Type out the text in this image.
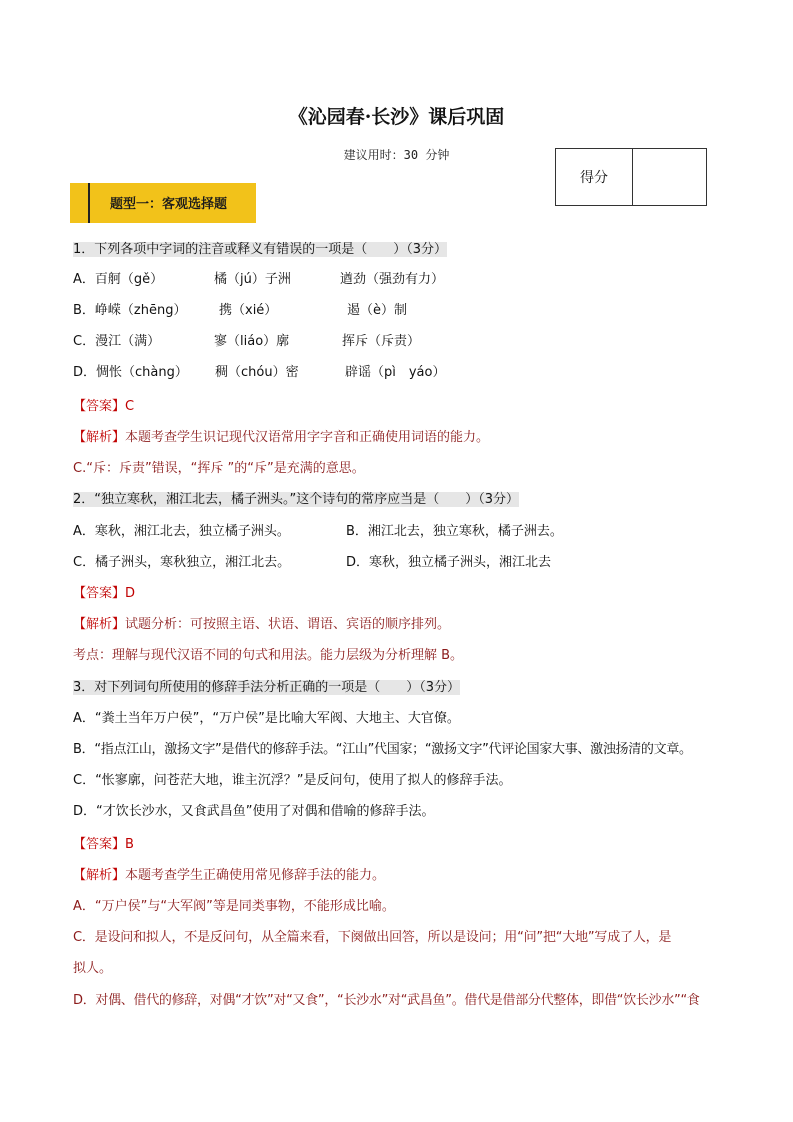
《沁园春·长沙》课后巩固
建议用时：30 分钟
得分
题型一：客观选择题
1．下列各项中字词的注音或释义有错误的一项是（　　）（3分）
A．百舸（gě）	橘（jú）子洲	遒劲（强劲有力）
B．峥嵘（zhēng）	携（xié）	遏（è）制
C．漫江（满）	寥（liáo）廓	挥斥（斥责）
D．惆怅（chàng） 稠（chóu）密	辟谣（pì　yáo）
【答案】C
【解析】本题考查学生识记现代汉语常用字字音和正确使用词语的能力。
C.“斥：斥责”错误，“挥斥 ”的“斥”是充满的意思。
2．“独立寒秋，湘江北去，橘子洲头。”这个诗句的常序应当是（　　）（3分）
A．寒秋，湘江北去，独立橘子洲头。	B．湘江北去，独立寒秋，橘子洲去。
C．橘子洲头，寒秋独立，湘江北去。	D．寒秋，独立橘子洲头，湘江北去
【答案】D
【解析】试题分析：可按照主语、状语、谓语、宾语的顺序排列。
考点：理解与现代汉语不同的句式和用法。能力层级为分析理解 B。
3．对下列词句所使用的修辞手法分析正确的一项是（　　）（3分）
A．“粪土当年万户侯”，“万户侯”是比喻大军阀、大地主、大官僚。
B．“指点江山，激扬文字”是借代的修辞手法。“江山”代国家；“激扬文字”代评论国家大事、激浊扬清的文章。
C．“怅寥廓，问苍茫大地，谁主沉浮？”是反问句，使用了拟人的修辞手法。
D．“才饮长沙水，又食武昌鱼”使用了对偶和借喻的修辞手法。
【答案】B
【解析】本题考查学生正确使用常见修辞手法的能力。
A．“万户侯”与“大军阀”等是同类事物，不能形成比喻。
C．是设问和拟人，不是反问句，从全篇来看，下阕做出回答，所以是设问；用“问”把“大地”写成了人，是
拟人。
D．对偶、借代的修辞，对偶“才饮”对“又食”，“长沙水”对“武昌鱼”。借代是借部分代整体，即借“饮长沙水”“食
